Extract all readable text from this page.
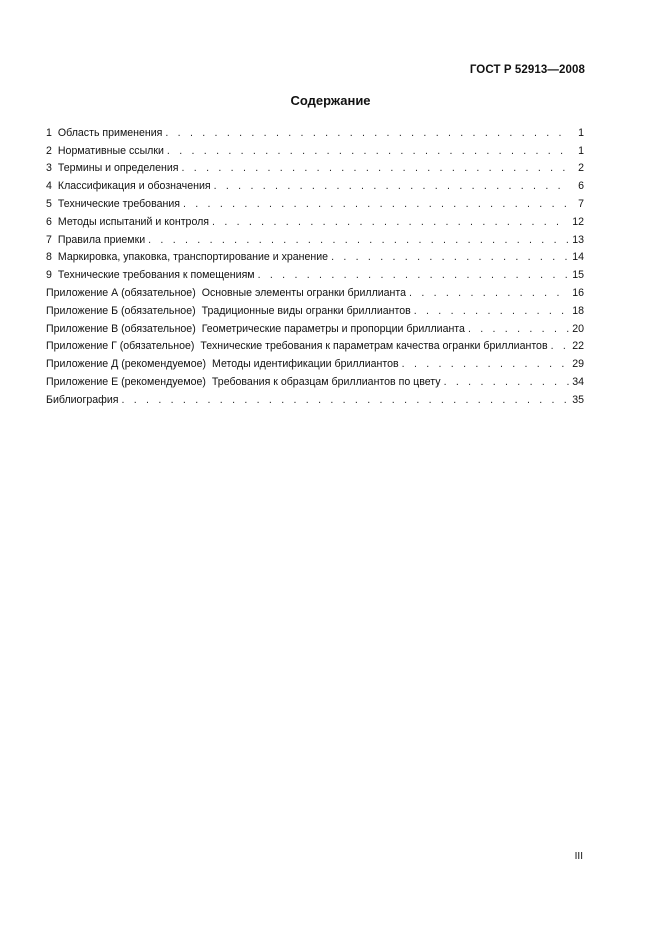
ГОСТ Р 52913—2008
Содержание
1 Область применения . . .	1
2 Нормативные ссылки . . .	1
3 Термины и определения . . .	2
4 Классификация и обозначения . . .	6
5 Технические требования . . .	7
6 Методы испытаний и контроля . . .	12
7 Правила приемки . . .	13
8 Маркировка, упаковка, транспортирование и хранение . . .	14
9 Технические требования к помещениям . . .	15
Приложение А (обязательное) Основные элементы огранки бриллианта . . .	16
Приложение Б (обязательное) Традиционные виды огранки бриллиантов . . .	18
Приложение В (обязательное) Геометрические параметры и пропорции бриллианта . . .	20
Приложение Г (обязательное) Технические требования к параметрам качества огранки бриллиантов . . . 22
Приложение Д (рекомендуемое) Методы идентификации бриллиантов . . .	29
Приложение Е (рекомендуемое) Требования к образцам бриллиантов по цвету . . .	34
Библиография . . .	35
III
